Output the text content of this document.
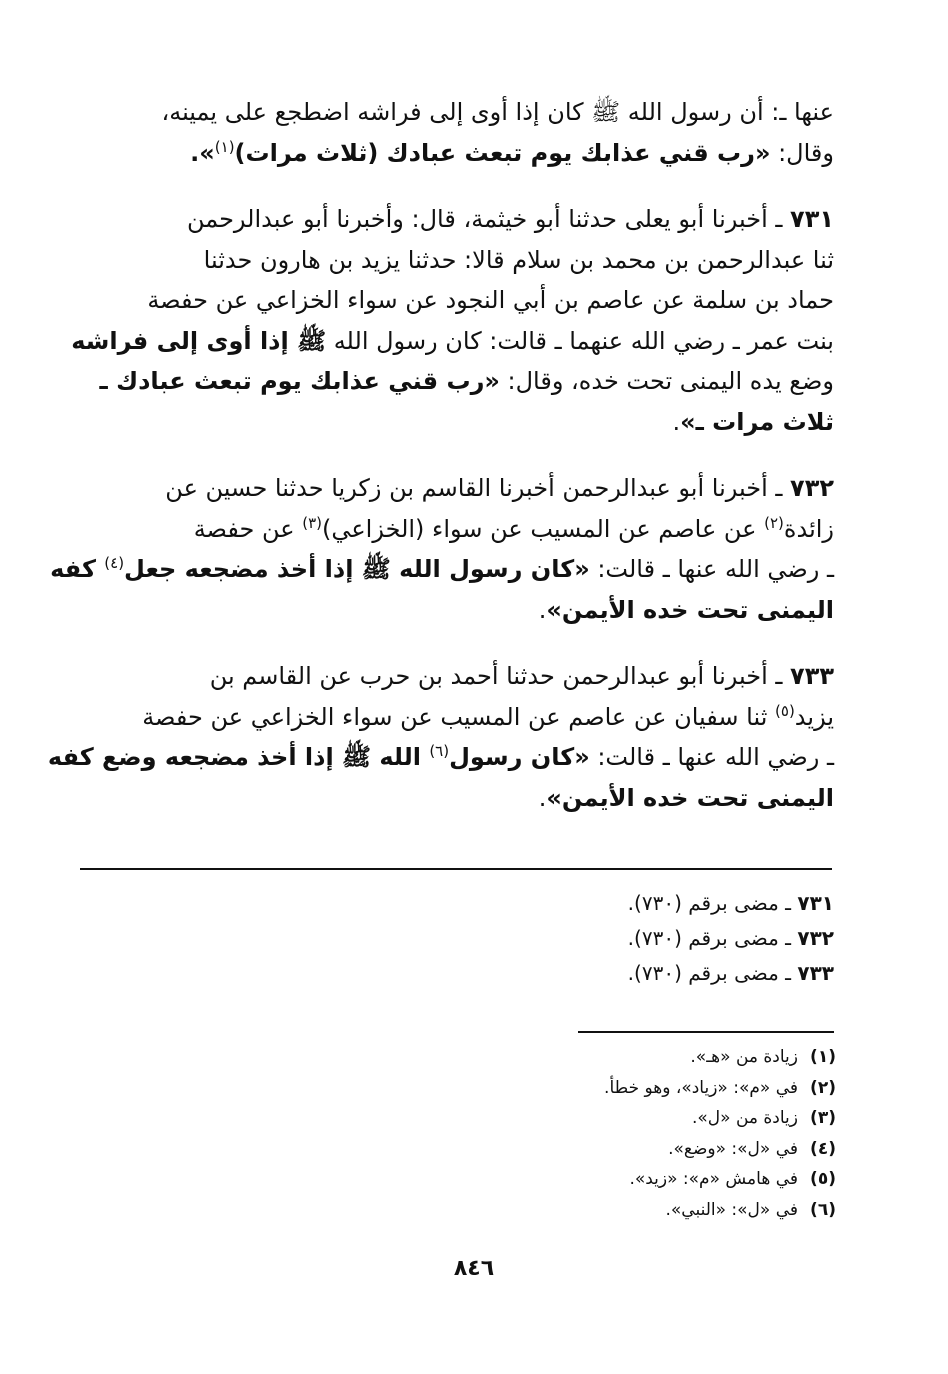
عنها ـ: أن رسول الله ﷺ كان إذا أوى إلى فراشه اضطجع على يمينه،
وقال: «رب قني عذابك يوم تبعث عبادك (ثلاث مرات)$^{(١)}$».
٧٣١ ـ أخبرنا أبو يعلى حدثنا أبو خيثمة، قال: وأخبرنا أبو عبدالرحمن
ثنا عبدالرحمن بن محمد بن سلام قالا: حدثنا يزيد بن هارون حدثنا
حماد بن سلمة عن عاصم بن أبي النجود عن سواء الخزاعي عن حفصة
بنت عمر ـ رضي الله عنهما ـ قالت: كان رسول الله ﷺ إذا أوى إلى فراشه
وضع يده اليمنى تحت خده، وقال: «رب قني عذابك يوم تبعث عبادك ـ
ثلاث مرات ـ».
٧٣٢ ـ أخبرنا أبو عبدالرحمن أخبرنا القاسم بن زكريا حدثنا حسين عن
زائدة$^{(٢)}$ عن عاصم عن المسيب عن سواء (الخزاعي)$^{(٣)}$ عن حفصة
ـ رضي الله عنها ـ قالت: «كان رسول الله ﷺ إذا أخذ مضجعه جعل$^{(٤)}$ كفه
اليمنى تحت خده الأيمن».
٧٣٣ ـ أخبرنا أبو عبدالرحمن حدثنا أحمد بن حرب عن القاسم بن
يزيد$^{(٥)}$ ثنا سفيان عن عاصم عن المسيب عن سواء الخزاعي عن حفصة
ـ رضي الله عنها ـ قالت: «كان رسول$^{(٦)}$ الله ﷺ إذا أخذ مضجعه وضع كفه
اليمنى تحت خده الأيمن».
٧٣١ ـ مضى برقم (٧٣٠).
٧٣٢ ـ مضى برقم (٧٣٠).
٧٣٣ ـ مضى برقم (٧٣٠).
(١)زيادة من «هـ».
(٢)في «م»: «زياد»، وهو خطأ.
(٣)زيادة من «ل».
(٤)في «ل»: «وضع».
(٥)في هامش «م»: «زيد».
(٦)في «ل»: «النبي».
٨٤٦
